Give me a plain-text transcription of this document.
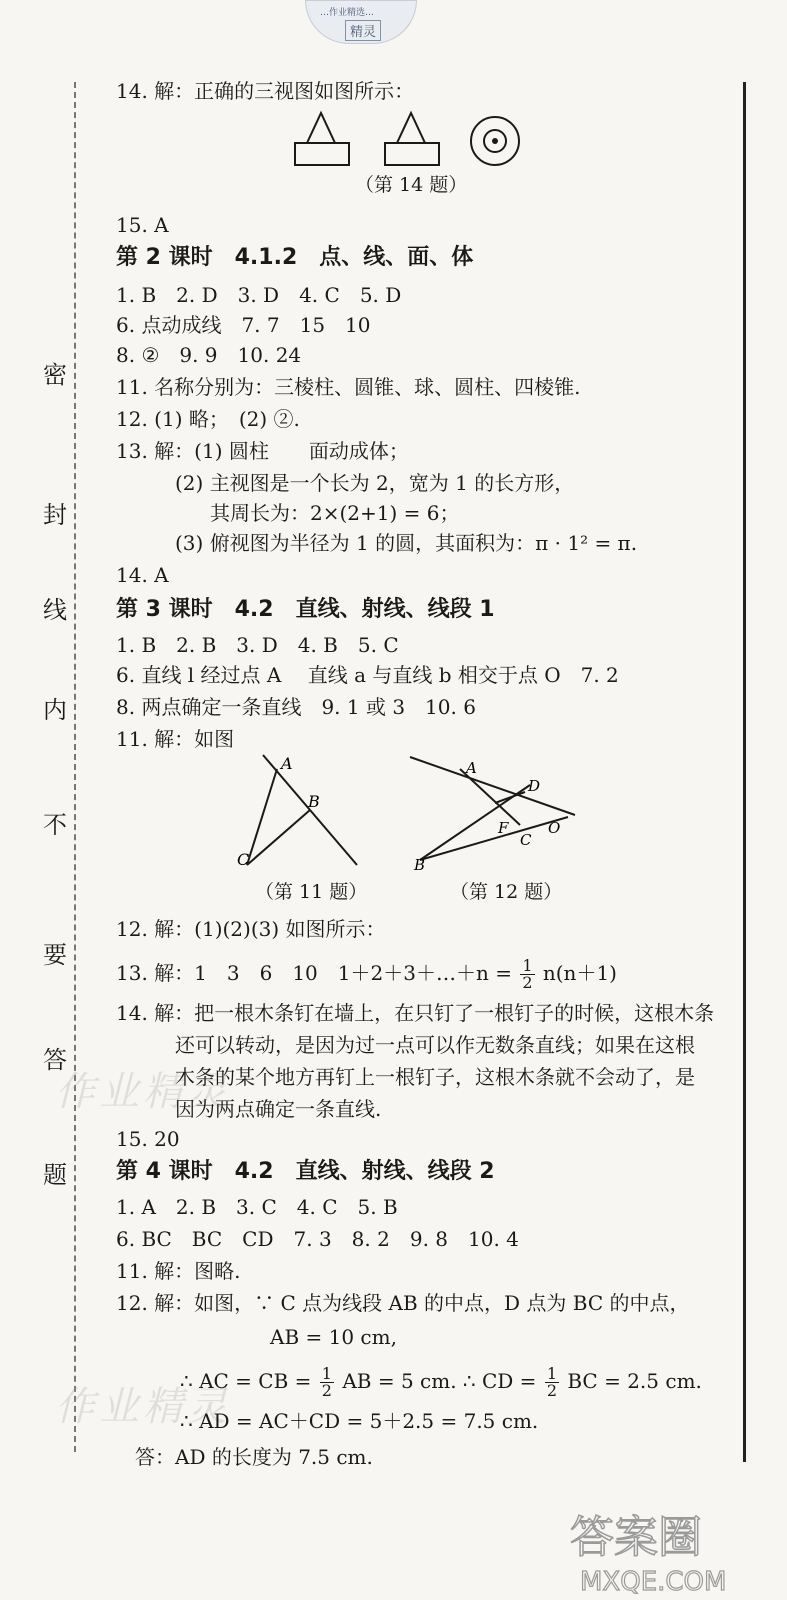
…作业精选…
精灵
密
封
线
内
不
要
答
题
作业精灵
作业精灵
14. 解：正确的三视图如图所示：
（第 14 题）
15. A
第 2 课时　4.1.2　点、线、面、体
1. B　2. D　3. D　4. C　5. D
6. 点动成线　7. 7　15　10
8. ②　9. 9　10. 24
11. 名称分别为：三棱柱、圆锥、球、圆柱、四棱锥.
12. (1) 略；　(2) ②.
13. 解：(1) 圆柱　　面动成体；
(2) 主视图是一个长为 2，宽为 1 的长方形，
其周长为：2×(2+1) = 6；
(3) 俯视图为半径为 1 的圆，其面积为：π · 1² = π.
14. A
第 3 课时　4.2　直线、射线、线段 1
1. B　2. B　3. D　4. B　5. C
6. 直线 l 经过点 A　 直线 a 与直线 b 相交于点 O　7. 2
8. 两点确定一条直线　9. 1 或 3　10. 6
11. 解：如图
A
B
C
A
D
F
C
O
B
（第 11 题）	（第 12 题）
12. 解：(1)(2)(3) 如图所示：
13. 解：1　3　6　10　1＋2＋3＋…＋n = $\frac{1}{2} n(n+1)$
14. 解：把一根木条钉在墙上，在只钉了一根钉子的时候，这根木条
还可以转动，是因为过一点可以作无数条直线；如果在这根
木条的某个地方再钉上一根钉子，这根木条就不会动了，是
因为两点确定一条直线.
15. 20
第 4 课时　4.2　直线、射线、线段 2
1. A　2. B　3. C　4. C　5. B
6. BC　BC　CD　7. 3　8. 2　9. 8　10. 4
11. 解：图略.
12. 解：如图，∵ C 点为线段 AB 的中点，D 点为 BC 的中点，
AB = 10 cm,
∴ AC = CB = $\frac{1}{2}$ AB = 5 cm. ∴ CD = $\frac{1}{2}$ BC = 2.5 cm.
∴ AD = AC＋CD = 5＋2.5 = 7.5 cm.
答：AD 的长度为 7.5 cm.
答案圈
MXQE.COM
